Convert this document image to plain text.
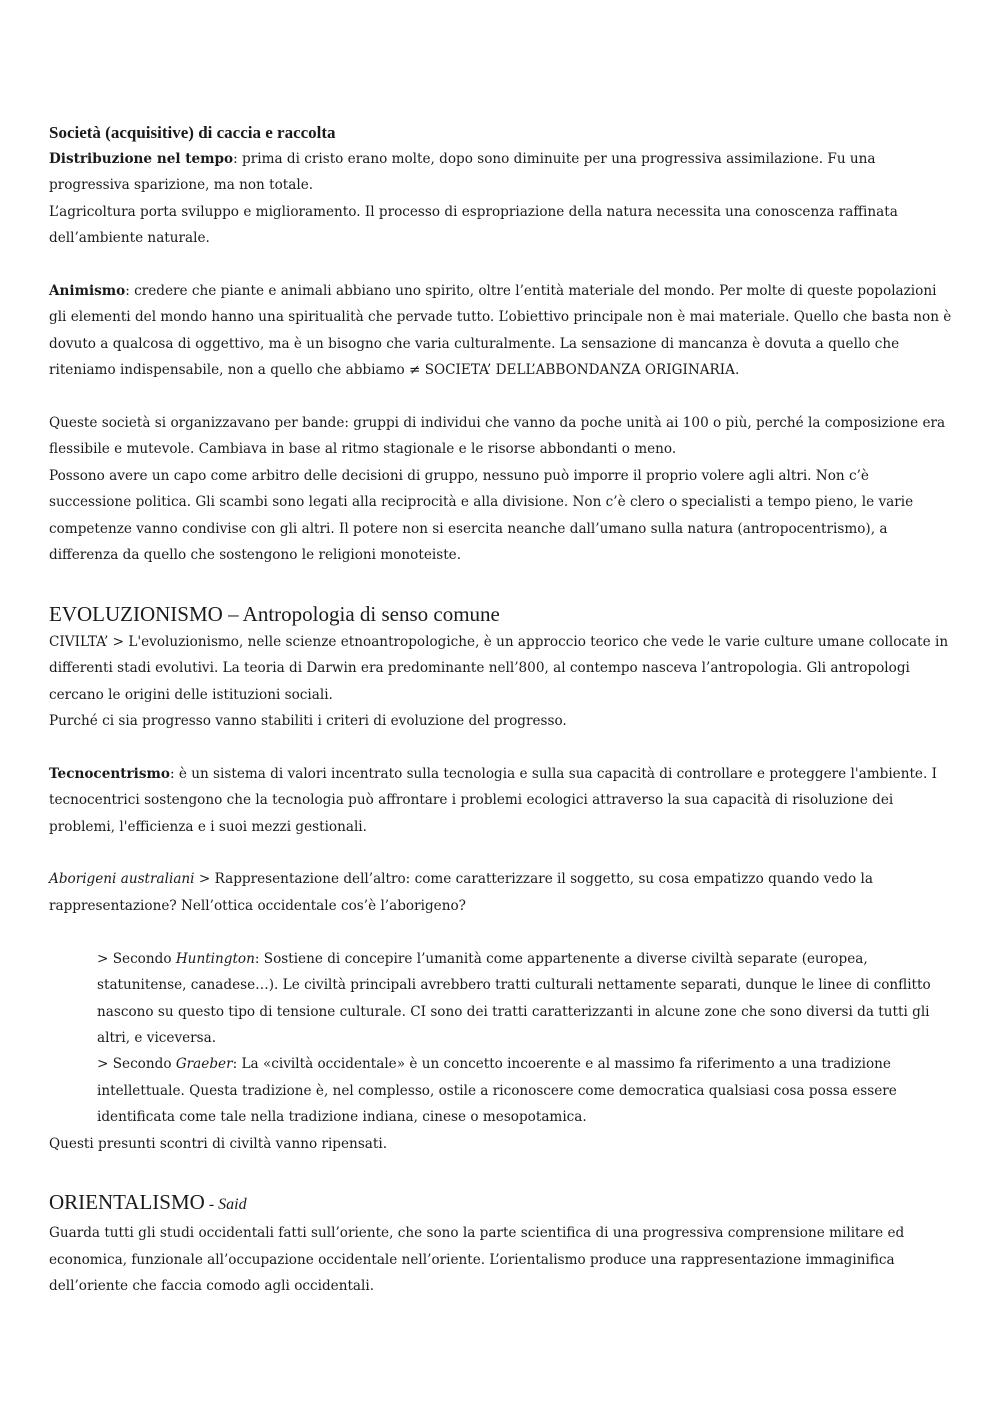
Società (acquisitive) di caccia e raccolta

Distribuzione nel tempo: prima di cristo erano molte, dopo sono diminuite per una progressiva assimilazione. Fu una progressiva sparizione, ma non totale.

L’agricoltura porta sviluppo e miglioramento. Il processo di espropriazione della natura necessita una conoscenza raffinata dell’ambiente naturale.

Animismo: credere che piante e animali abbiano uno spirito, oltre l’entità materiale del mondo. Per molte di queste popolazioni gli elementi del mondo hanno una spiritualità che pervade tutto. L’obiettivo principale non è mai materiale. Quello che basta non è dovuto a qualcosa di oggettivo, ma è un bisogno che varia culturalmente. La sensazione di mancanza è dovuta a quello che riteniamo indispensabile, non a quello che abbiamo ≠ SOCIETA’ DELL’ABBONDANZA ORIGINARIA.

Queste società si organizzavano per bande: gruppi di individui che vanno da poche unità ai 100 o più, perché la composizione era flessibile e mutevole. Cambiava in base al ritmo stagionale e le risorse abbondanti o meno.

Possono avere un capo come arbitro delle decisioni di gruppo, nessuno può imporre il proprio volere agli altri. Non c’è successione politica. Gli scambi sono legati alla reciprocità e alla divisione. Non c’è clero o specialisti a tempo pieno, le varie competenze vanno condivise con gli altri. Il potere non si esercita neanche dall’umano sulla natura (antropocentrismo), a differenza da quello che sostengono le religioni monoteiste.

EVOLUZIONISMO – Antropologia di senso comune

CIVILTA’ > L'evoluzionismo, nelle scienze etnoantropologiche, è un approccio teorico che vede le varie culture umane collocate in differenti stadi evolutivi. La teoria di Darwin era predominante nell’800, al contempo nasceva l’antropologia. Gli antropologi cercano le origini delle istituzioni sociali.

Purché ci sia progresso vanno stabiliti i criteri di evoluzione del progresso.

Tecnocentrismo: è un sistema di valori incentrato sulla tecnologia e sulla sua capacità di controllare e proteggere l'ambiente. I tecnocentrici sostengono che la tecnologia può affrontare i problemi ecologici attraverso la sua capacità di risoluzione dei problemi, l'efficienza e i suoi mezzi gestionali.

Aborigeni australiani > Rappresentazione dell’altro: come caratterizzare il soggetto, su cosa empatizzo quando vedo la rappresentazione? Nell’ottica occidentale cos’è l’aborigeno?

> Secondo Huntington: Sostiene di concepire l’umanità come appartenente a diverse civiltà separate (europea, statunitense, canadese…). Le civiltà principali avrebbero tratti culturali nettamente separati, dunque le linee di conflitto nascono su questo tipo di tensione culturale. CI sono dei tratti caratterizzanti in alcune zone che sono diversi da tutti gli altri, e viceversa.

> Secondo Graeber: La «civiltà occidentale» è un concetto incoerente e al massimo fa riferimento a una tradizione intellettuale. Questa tradizione è, nel complesso, ostile a riconoscere come democratica qualsiasi cosa possa essere identificata come tale nella tradizione indiana, cinese o mesopotamica.

Questi presunti scontri di civiltà vanno ripensati.

ORIENTALISMO - Said

Guarda tutti gli studi occidentali fatti sull’oriente, che sono la parte scientifica di una progressiva comprensione militare ed economica, funzionale all’occupazione occidentale nell’oriente. L’orientalismo produce una rappresentazione immaginifica dell’oriente che faccia comodo agli occidentali.
